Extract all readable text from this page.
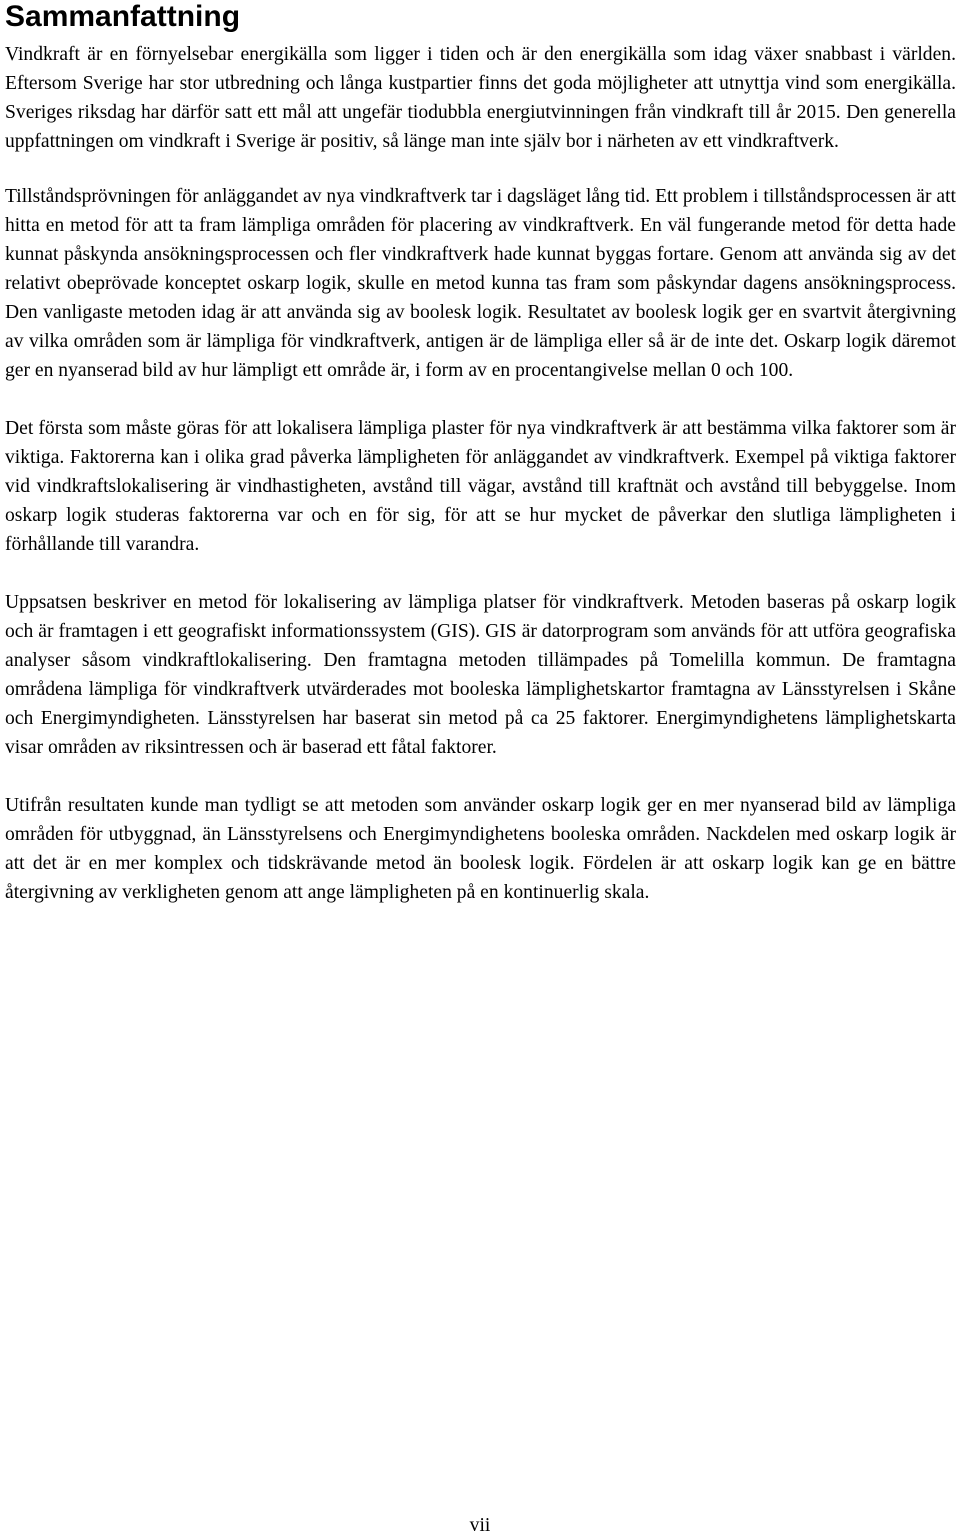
Sammanfattning

Vindkraft är en förnyelsebar energikälla som ligger i tiden och är den energikälla som idag växer snabbast i världen. Eftersom Sverige har stor utbredning och långa kustpartier finns det goda möjligheter att utnyttja vind som energikälla. Sveriges riksdag har därför satt ett mål att ungefär tiodubbla energiutvinningen från vindkraft till år 2015. Den generella uppfattningen om vindkraft i Sverige är positiv, så länge man inte själv bor i närheten av ett vindkraftverk.

Tillståndsprövningen för anläggandet av nya vindkraftverk tar i dagsläget lång tid. Ett problem i tillståndsprocessen är att hitta en metod för att ta fram lämpliga områden för placering av vindkraftverk. En väl fungerande metod för detta hade kunnat påskynda ansökningsprocessen och fler vindkraftverk hade kunnat byggas fortare. Genom att använda sig av det relativt obeprövade konceptet oskarp logik, skulle en metod kunna tas fram som påskyndar dagens ansökningsprocess. Den vanligaste metoden idag är att använda sig av boolesk logik. Resultatet av boolesk logik ger en svartvit återgivning av vilka områden som är lämpliga för vindkraftverk, antigen är de lämpliga eller så är de inte det. Oskarp logik däremot ger en nyanserad bild av hur lämpligt ett område är, i form av en procentangivelse mellan 0 och 100.

Det första som måste göras för att lokalisera lämpliga plaster för nya vindkraftverk är att bestämma vilka faktorer som är viktiga. Faktorerna kan i olika grad påverka lämpligheten för anläggandet av vindkraftverk. Exempel på viktiga faktorer vid vindkraftslokalisering är vindhastigheten, avstånd till vägar, avstånd till kraftnät och avstånd till bebyggelse. Inom oskarp logik studeras faktorerna var och en för sig, för att se hur mycket de påverkar den slutliga lämpligheten i förhållande till varandra.

Uppsatsen beskriver en metod för lokalisering av lämpliga platser för vindkraftverk. Metoden baseras på oskarp logik och är framtagen i ett geografiskt informationssystem (GIS). GIS är datorprogram som används för att utföra geografiska analyser såsom vindkraftlokalisering. Den framtagna metoden tillämpades på Tomelilla kommun. De framtagna områdena lämpliga för vindkraftverk utvärderades mot booleska lämplighetskartor framtagna av Länsstyrelsen i Skåne och Energimyndigheten. Länsstyrelsen har baserat sin metod på ca 25 faktorer. Energimyndighetens lämplighetskarta visar områden av riksintressen och är baserad ett fåtal faktorer.

Utifrån resultaten kunde man tydligt se att metoden som använder oskarp logik ger en mer nyanserad bild av lämpliga områden för utbyggnad, än Länsstyrelsens och Energimyndighetens booleska områden. Nackdelen med oskarp logik är att det är en mer komplex och tidskrävande metod än boolesk logik. Fördelen är att oskarp logik kan ge en bättre återgivning av verkligheten genom att ange lämpligheten på en kontinuerlig skala.

vii
